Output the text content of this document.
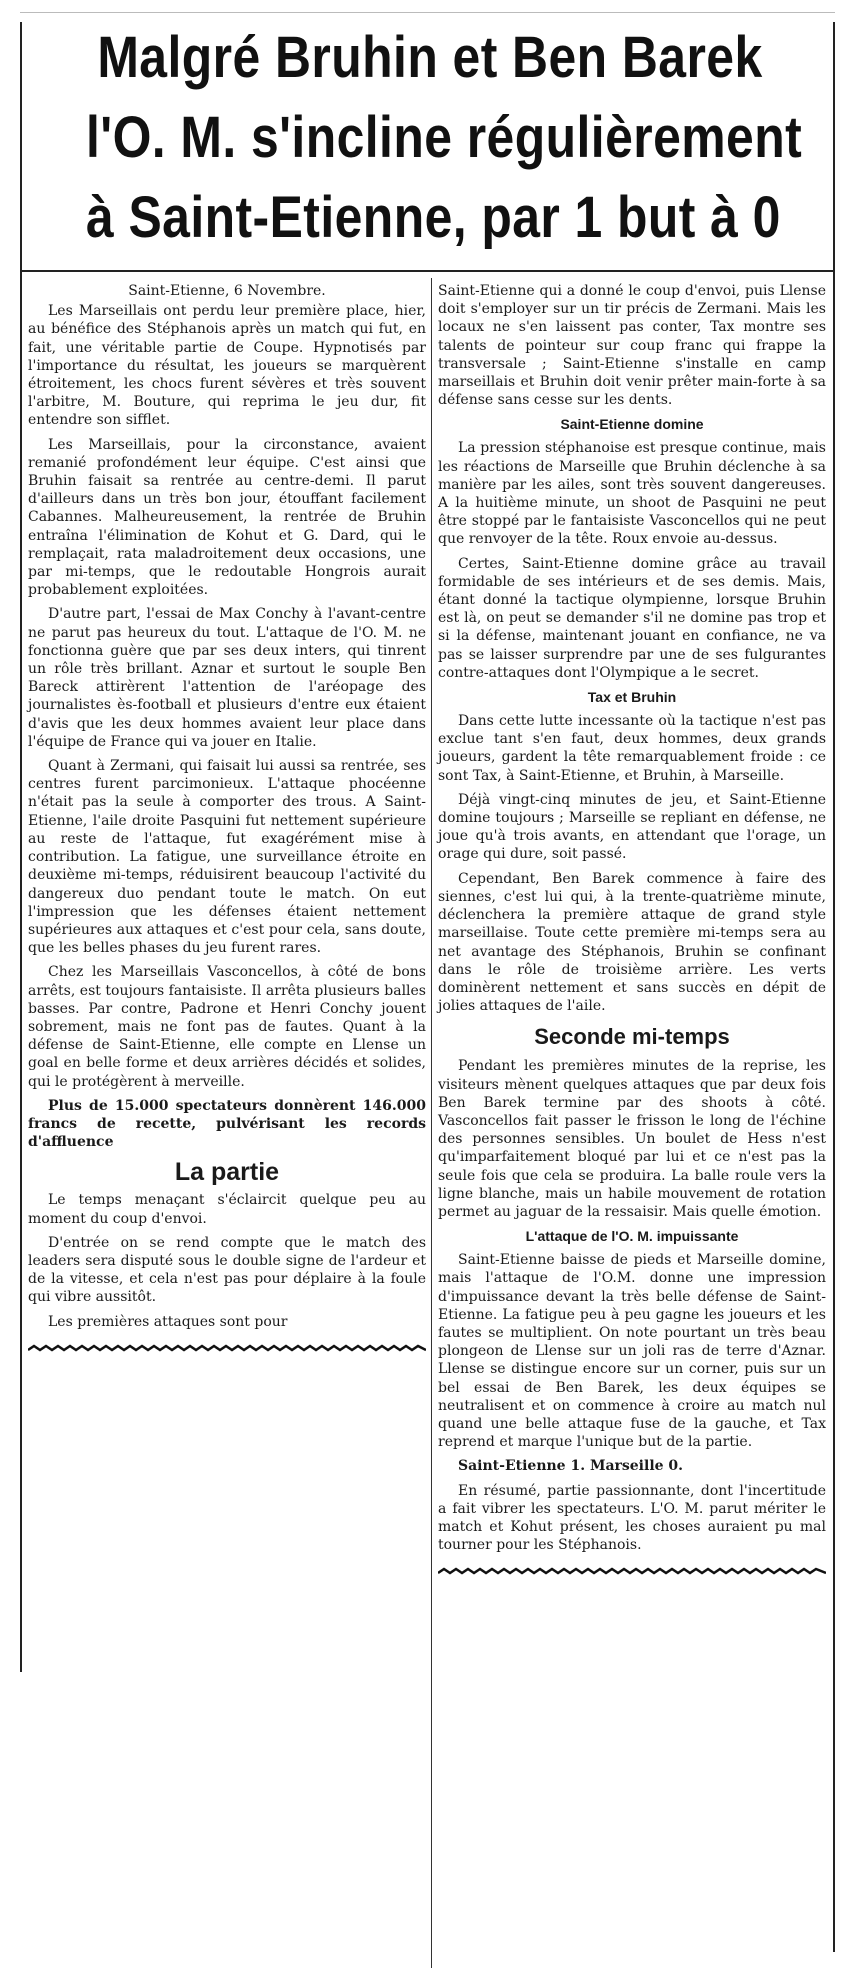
Malgré Bruhin et Ben Barek
l'O. M. s'incline régulièrement
à Saint-Etienne, par 1 but à 0

Saint-Etienne, 6 Novembre.

Les Marseillais ont perdu leur première place, hier, au bénéfice des Stéphanois après un match qui fut, en fait, une véritable partie de Coupe. Hypnotisés par l'importance du résultat, les joueurs se marquèrent étroitement, les chocs furent sévères et très souvent l'arbitre, M. Bouture, qui reprima le jeu dur, fit entendre son sifflet.

Les Marseillais, pour la circonstance, avaient remanié profondément leur équipe. C'est ainsi que Bruhin faisait sa rentrée au centre-demi. Il parut d'ailleurs dans un très bon jour, étouffant facilement Cabannes. Malheureusement, la rentrée de Bruhin entraîna l'élimination de Kohut et G. Dard, qui le remplaçait, rata maladroitement deux occasions, une par mi-temps, que le redoutable Hongrois aurait probablement exploitées.

D'autre part, l'essai de Max Conchy à l'avant-centre ne parut pas heureux du tout. L'attaque de l'O. M. ne fonctionna guère que par ses deux inters, qui tinrent un rôle très brillant. Aznar et surtout le souple Ben Bareck attirèrent l'attention de l'aréopage des journalistes ès-football et plusieurs d'entre eux étaient d'avis que les deux hommes avaient leur place dans l'équipe de France qui va jouer en Italie.

Quant à Zermani, qui faisait lui aussi sa rentrée, ses centres furent parcimonieux. L'attaque phocéenne n'était pas la seule à comporter des trous. A Saint-Etienne, l'aile droite Pasquini fut nettement supérieure au reste de l'attaque, fut exagérément mise à contribution. La fatigue, une surveillance étroite en deuxième mi-temps, réduisirent beaucoup l'activité du dangereux duo pendant toute le match. On eut l'impression que les défenses étaient nettement supérieures aux attaques et c'est pour cela, sans doute, que les belles phases du jeu furent rares.

Chez les Marseillais Vasconcellos, à côté de bons arrêts, est toujours fantaisiste. Il arrêta plusieurs balles basses. Par contre, Padrone et Henri Conchy jouent sobrement, mais ne font pas de fautes. Quant à la défense de Saint-Etienne, elle compte en Llense un goal en belle forme et deux arrières décidés et solides, qui le protégèrent à merveille.

Plus de 15.000 spectateurs donnèrent 146.000 francs de recette, pulvérisant les records d'affluence

La partie

Le temps menaçant s'éclaircit quelque peu au moment du coup d'envoi.

D'entrée on se rend compte que le match des leaders sera disputé sous le double signe de l'ardeur et de la vitesse, et cela n'est pas pour déplaire à la foule qui vibre aussitôt.

Les premières attaques sont pour

Saint-Etienne qui a donné le coup d'envoi, puis Llense doit s'employer sur un tir précis de Zermani. Mais les locaux ne s'en laissent pas conter, Tax montre ses talents de pointeur sur coup franc qui frappe la transversale ; Saint-Etienne s'installe en camp marseillais et Bruhin doit venir prêter main-forte à sa défense sans cesse sur les dents.

Saint-Etienne domine

La pression stéphanoise est presque continue, mais les réactions de Marseille que Bruhin déclenche à sa manière par les ailes, sont très souvent dangereuses. A la huitième minute, un shoot de Pasquini ne peut être stoppé par le fantaisiste Vasconcellos qui ne peut que renvoyer de la tête. Roux envoie au-dessus.

Certes, Saint-Etienne domine grâce au travail formidable de ses intérieurs et de ses demis. Mais, étant donné la tactique olympienne, lorsque Bruhin est là, on peut se demander s'il ne domine pas trop et si la défense, maintenant jouant en confiance, ne va pas se laisser surprendre par une de ses fulgurantes contre-attaques dont l'Olympique a le secret.

Tax et Bruhin

Dans cette lutte incessante où la tactique n'est pas exclue tant s'en faut, deux hommes, deux grands joueurs, gardent la tête remarquablement froide : ce sont Tax, à Saint-Etienne, et Bruhin, à Marseille.

Déjà vingt-cinq minutes de jeu, et Saint-Etienne domine toujours ; Marseille se repliant en défense, ne joue qu'à trois avants, en attendant que l'orage, un orage qui dure, soit passé.

Cependant, Ben Barek commence à faire des siennes, c'est lui qui, à la trente-quatrième minute, déclenchera la première attaque de grand style marseillaise. Toute cette première mi-temps sera au net avantage des Stéphanois, Bruhin se confinant dans le rôle de troisième arrière. Les verts dominèrent nettement et sans succès en dépit de jolies attaques de l'aile.

Seconde mi-temps

Pendant les premières minutes de la reprise, les visiteurs mènent quelques attaques que par deux fois Ben Barek termine par des shoots à côté. Vasconcellos fait passer le frisson le long de l'échine des personnes sensibles. Un boulet de Hess n'est qu'imparfaitement bloqué par lui et ce n'est pas la seule fois que cela se produira. La balle roule vers la ligne blanche, mais un habile mouvement de rotation permet au jaguar de la ressaisir. Mais quelle émotion.

L'attaque de l'O. M. impuissante

Saint-Etienne baisse de pieds et Marseille domine, mais l'attaque de l'O.M. donne une impression d'impuissance devant la très belle défense de Saint-Etienne. La fatigue peu à peu gagne les joueurs et les fautes se multiplient. On note pourtant un très beau plongeon de Llense sur un joli ras de terre d'Aznar. Llense se distingue encore sur un corner, puis sur un bel essai de Ben Barek, les deux équipes se neutralisent et on commence à croire au match nul quand une belle attaque fuse de la gauche, et Tax reprend et marque l'unique but de la partie.

Saint-Etienne 1. Marseille 0.

En résumé, partie passionnante, dont l'incertitude a fait vibrer les spectateurs. L'O. M. parut mériter le match et Kohut présent, les choses auraient pu mal tourner pour les Stéphanois.
